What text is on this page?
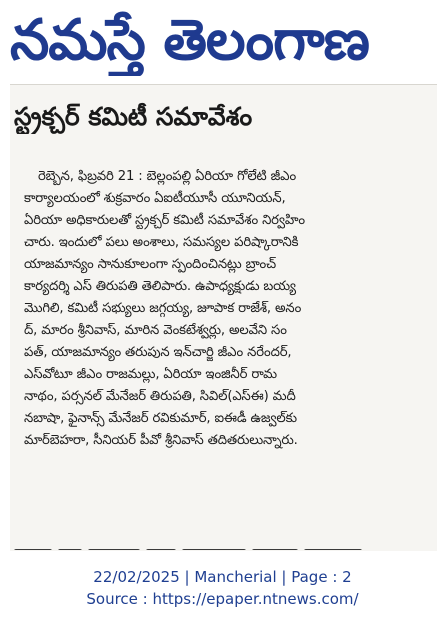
నమస్తే తెలంగాణ
స్ట్రక్చర్ కమిటీ సమావేశం
రెబ్బెన, ఫిబ్రవరి 21 : బెల్లంపల్లి ఏరియా గోలేటి జీఎం
కార్యాలయంలో శుక్రవారం ఏఐటీయూసీ యూనియన్,
ఏరియా అధికారులతో స్ట్రక్చర్ కమిటీ సమావేశం నిర్వహిం
చారు. ఇందులో పలు అంశాలు, సమస్యల పరిష్కారానికి
యాజమాన్యం సానుకూలంగా స్పందించినట్లు బ్రాంచ్
కార్యదర్శి ఎస్ తిరుపతి తెలిపారు. ఉపాధ్యక్షుడు బయ్య
మొగిలి, కమిటీ సభ్యులు జగ్గయ్య, జూపాక రాజేశ్, అనం
ద్, మారం శ్రీనివాస్, మారిన వెంకటేశ్వర్లు, అలవేని సం
పత్, యాజమాన్యం తరుపున ఇన్‌చార్జి జీఎం నరేందర్,
ఎస్‌వోటూ జీఎం రాజమల్లు, ఏరియా ఇంజినీర్ రామ
నాథం, పర్సనల్ మేనేజర్ తిరుపతి, సివిల్(ఎస్ఈ) మదీ
నబాషా, ఫైనాన్స్ మేనేజర్ రవికుమార్, ఐఈడీ ఉజ్వల్‌కు
మార్‌బెహరా, సీనియర్ పీవో శ్రీనివాస్ తదితరులున్నారు.
22/02/2025 | Mancherial | Page : 2
Source : https://epaper.ntnews.com/
